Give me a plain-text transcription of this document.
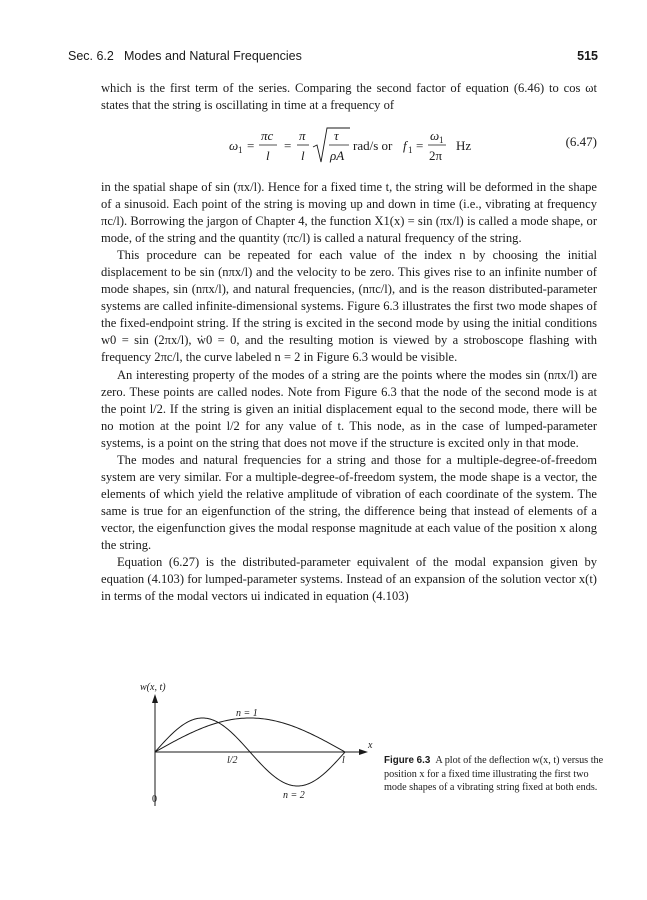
Sec. 6.2 Modes and Natural Frequencies	515

which is the first term of the series. Comparing the second factor of equation (6.46) to cos ωt states that the string is oscillating in time at a frequency of

ω 1 =
πc
l
=
π
l
τ
ρA
rad/s or f 1 =
ω 1
2π
Hz	(6.47)

in the spatial shape of sin (πx/l). Hence for a fixed time t, the string will be deformed in the shape of a sinusoid. Each point of the string is moving up and down in time (i.e., vibrating at frequency πc/l). Borrowing the jargon of Chapter 4, the function X1(x) = sin (πx/l) is called a mode shape, or mode, of the string and the quantity (πc/l) is called a natural frequency of the string.

This procedure can be repeated for each value of the index n by choosing the initial displacement to be sin (nπx/l) and the velocity to be zero. This gives rise to an infinite number of mode shapes, sin (nπx/l), and natural frequencies, (nπc/l), and is the reason distributed-parameter systems are called infinite-dimensional systems. Figure 6.3 illustrates the first two mode shapes of the fixed-endpoint string. If the string is excited in the second mode by using the initial conditions w0 = sin (2πx/l), ẇ0 = 0, and the resulting motion is viewed by a stroboscope flashing with frequency 2πc/l, the curve labeled n = 2 in Figure 6.3 would be visible.

An interesting property of the modes of a string are the points where the modes sin (nπx/l) are zero. These points are called nodes. Note from Figure 6.3 that the node of the second mode is at the point l/2. If the string is given an initial displacement equal to the second mode, there will be no motion at the point l/2 for any value of t. This node, as in the case of lumped-parameter systems, is a point on the string that does not move if the structure is excited only in that mode.

The modes and natural frequencies for a string and those for a multiple-degree-of-freedom system are very similar. For a multiple-degree-of-freedom system, the mode shape is a vector, the elements of which yield the relative amplitude of vibration of each coordinate of the system. The same is true for an eigenfunction of the string, the difference being that instead of elements of a vector, the eigenfunction gives the modal response magnitude at each value of the position x along the string.

Equation (6.27) is the distributed-parameter equivalent of the modal expansion given by equation (4.103) for lumped-parameter systems. Instead of an expansion of the solution vector x(t) in terms of the modal vectors ui indicated in equation (4.103)

w(x, t)
x
0
l/2	l
n = 1
n = 2
Figure 6.3 A plot of the deflection w(x, t) versus the position x for a fixed time illustrating the first two mode shapes of a vibrating string fixed at both ends.
